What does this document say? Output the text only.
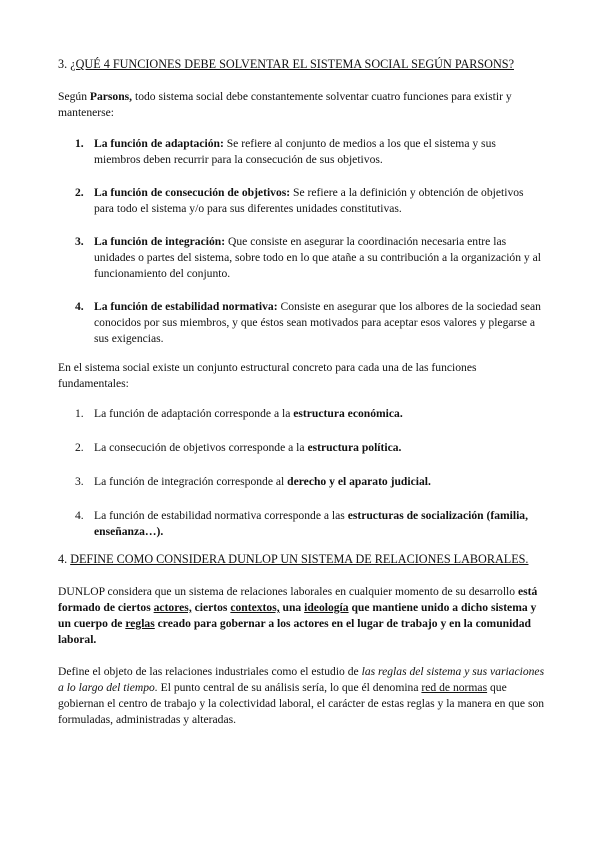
3. ¿QUÉ 4 FUNCIONES DEBE SOLVENTAR EL SISTEMA SOCIAL SEGÚN PARSONS?

Según Parsons, todo sistema social debe constantemente solventar cuatro funciones para existir y mantenerse:

1. La función de adaptación: Se refiere al conjunto de medios a los que el sistema y sus miembros deben recurrir para la consecución de sus objetivos.
2. La función de consecución de objetivos: Se refiere a la definición y obtención de objetivos para todo el sistema y/o para sus diferentes unidades constitutivas.
3. La función de integración: Que consiste en asegurar la coordinación necesaria entre las unidades o partes del sistema, sobre todo en lo que atañe a su contribución a la organización y al funcionamiento del conjunto.
4. La función de estabilidad normativa: Consiste en asegurar que los albores de la sociedad sean conocidos por sus miembros, y que éstos sean motivados para aceptar esos valores y plegarse a sus exigencias.

En el sistema social existe un conjunto estructural concreto para cada una de las funciones fundamentales:

1. La función de adaptación corresponde a la estructura económica.
2. La consecución de objetivos corresponde a la estructura política.
3. La función de integración corresponde al derecho y el aparato judicial.
4. La función de estabilidad normativa corresponde a las estructuras de socialización (familia, enseñanza…).

4. DEFINE COMO CONSIDERA DUNLOP UN SISTEMA DE RELACIONES LABORALES.

DUNLOP considera que un sistema de relaciones laborales en cualquier momento de su desarrollo está formado de ciertos actores, ciertos contextos, una ideología que mantiene unido a dicho sistema y un cuerpo de reglas creado para gobernar a los actores en el lugar de trabajo y en la comunidad laboral.

Define el objeto de las relaciones industriales como el estudio de las reglas del sistema y sus variaciones a lo largo del tiempo. El punto central de su análisis sería, lo que él denomina red de normas que gobiernan el centro de trabajo y la colectividad laboral, el carácter de estas reglas y la manera en que son formuladas, administradas y alteradas.
